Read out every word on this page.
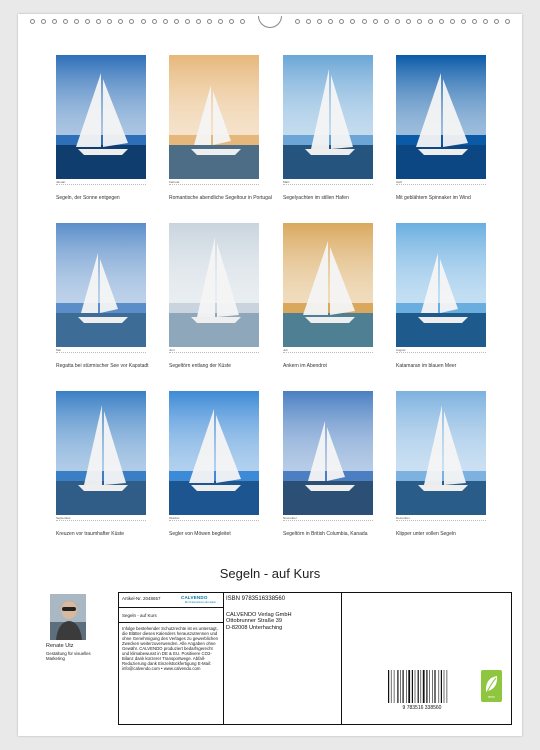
Januar
Segeln, der Sonne entgegen
Februar
Romantische abendliche Segeltour in Portugal
März
Segelyachten im stillen Hafen
April
Mit geblähtem Spinnaker im Wind
Mai
Regatta bei stürmischer See vor Kapstadt
Juni
Segeltörn entlang der Küste
Juli
Ankern im Abendrot
August
Katamaran im blauen Meer
September
Kreuzen vor traumhafter Küste
Oktober
Segler von Möwen begleitet
November
Segeltörn in British Columbia, Kanada
Dezember
Klipper unter vollen Segeln
Segeln - auf Kurs
Renate Utz
Gestaltung für visuelles Marketing
Artikel-Nr. 2048657	CALVENDO
Ein Unternehmen der Apple
Segeln - auf Kurs
Infolge bestehender Schutzrechte ist es untersagt, die Blätter dieses Kalenders herauszutrennen und ohne Genehmigung des Verlages zu gewerblichen Zwecken weiterzuverwenden. Alle Angaben ohne Gewähr. CALVENDO produziert bedarfsgerecht und klimabewusst in DE & EU. Positivere CO2-Bilanz dank kürzerer Transportwege. Abfall-Reduzierung dank Einzelstückfertigung E-Mail: info@calvendo.com • www.calvendo.com
ISBN 9783516338560
CALVENDO Verlag GmbH
Ottobrunner Straße 39
D-82008 Unterhaching
9 783516 338560
eco
